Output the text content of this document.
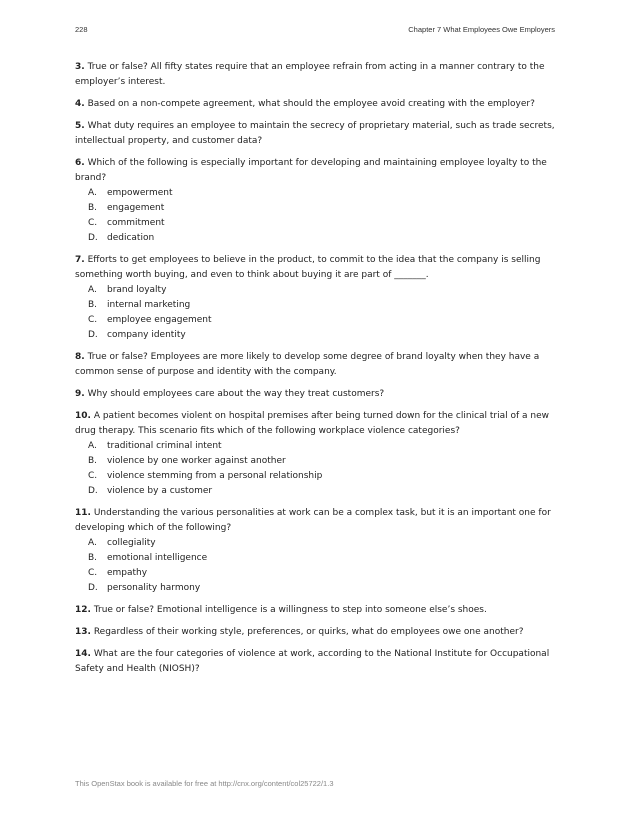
228	Chapter 7 What Employees Owe Employers

3. True or false? All fifty states require that an employee refrain from acting in a manner contrary to the employer’s interest.

4. Based on a non-compete agreement, what should the employee avoid creating with the employer?

5. What duty requires an employee to maintain the secrecy of proprietary material, such as trade secrets, intellectual property, and customer data?

6. Which of the following is especially important for developing and maintaining employee loyalty to the brand?

A. empowerment
B. engagement
C. commitment
D. dedication

7. Efforts to get employees to believe in the product, to commit to the idea that the company is selling something worth buying, and even to think about buying it are part of _______.

A. brand loyalty
B. internal marketing
C. employee engagement
D. company identity

8. True or false? Employees are more likely to develop some degree of brand loyalty when they have a common sense of purpose and identity with the company.

9. Why should employees care about the way they treat customers?

10. A patient becomes violent on hospital premises after being turned down for the clinical trial of a new drug therapy. This scenario fits which of the following workplace violence categories?

A. traditional criminal intent
B. violence by one worker against another
C. violence stemming from a personal relationship
D. violence by a customer

11. Understanding the various personalities at work can be a complex task, but it is an important one for developing which of the following?

A. collegiality
B. emotional intelligence
C. empathy
D. personality harmony

12. True or false? Emotional intelligence is a willingness to step into someone else’s shoes.

13. Regardless of their working style, preferences, or quirks, what do employees owe one another?

14. What are the four categories of violence at work, according to the National Institute for Occupational Safety and Health (NIOSH)?

This OpenStax book is available for free at http://cnx.org/content/col25722/1.3
